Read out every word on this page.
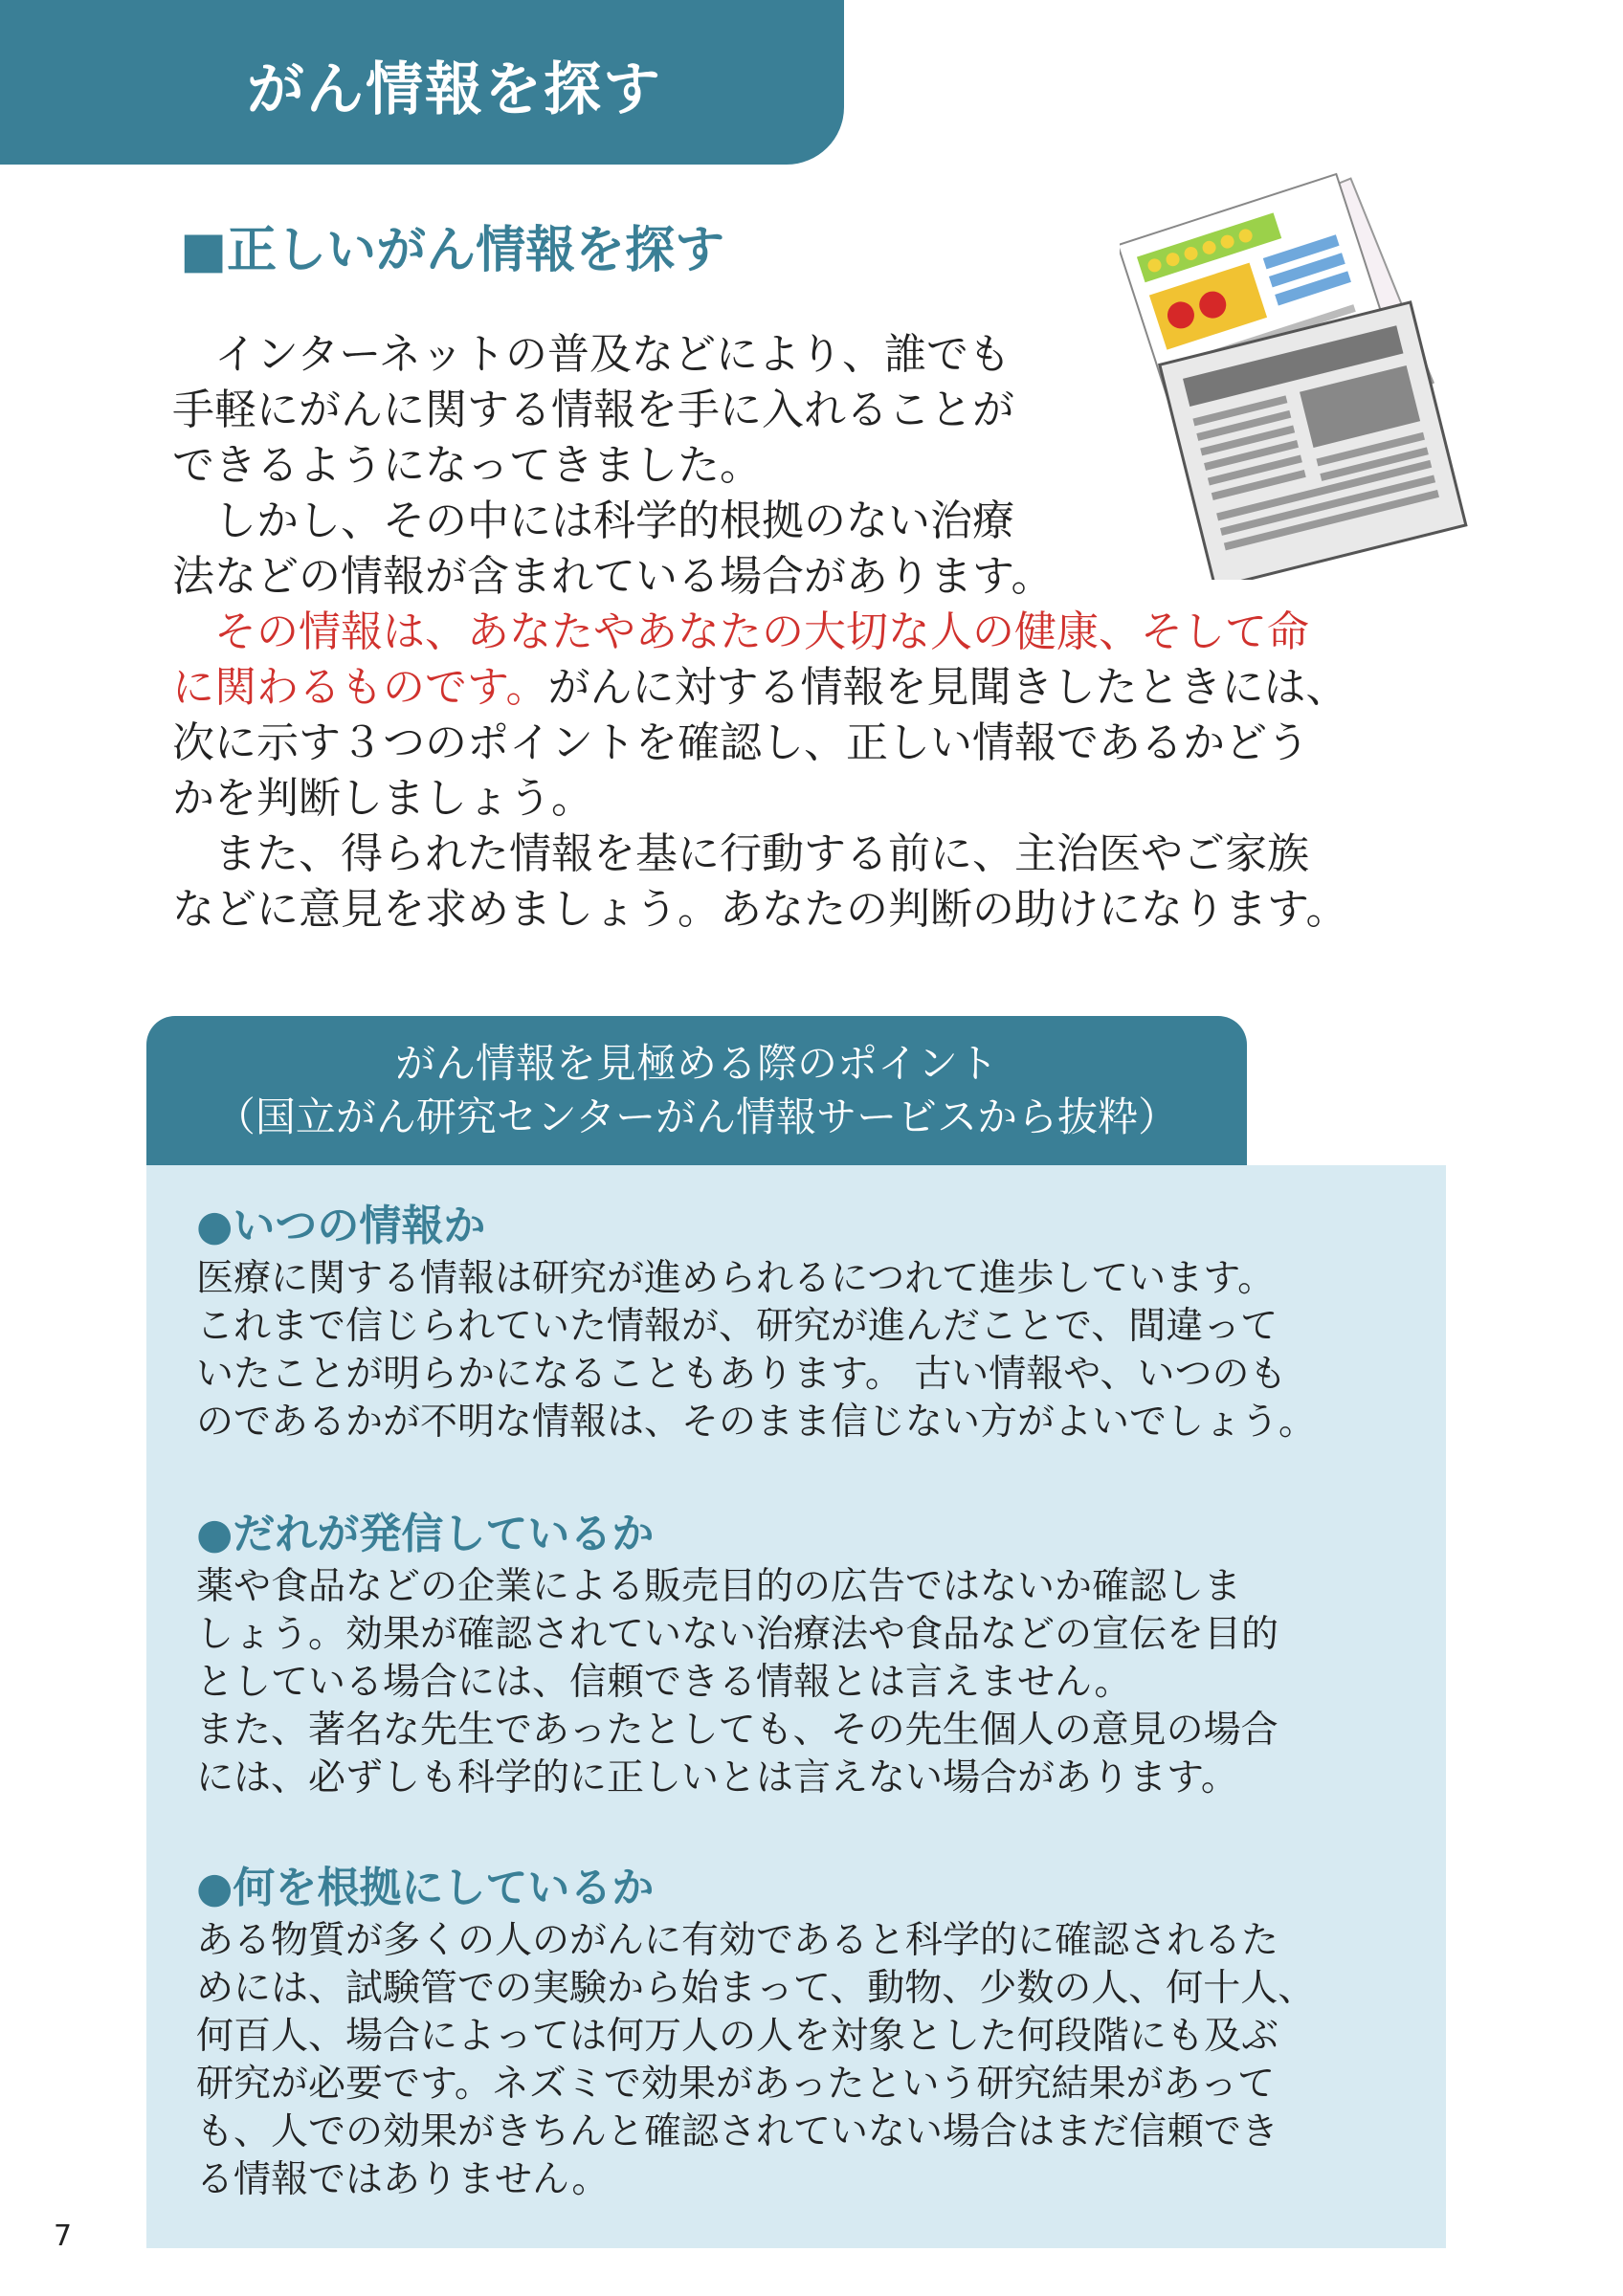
がん情報を探す
■正しいがん情報を探す

インターネットの普及などにより、誰でも

手軽にがんに関する情報を手に入れることが

できるようになってきました。

しかし、その中には科学的根拠のない治療

法などの情報が含まれている場合があります。

その情報は、あなたやあなたの大切な人の健康、そして命

に関わるものです。がんに対する情報を見聞きしたときには、

次に示す３つのポイントを確認し、正しい情報であるかどう

かを判断しましょう。

また、得られた情報を基に行動する前に、主治医やご家族

などに意見を求めましょう。あなたの判断の助けになります。

がん情報を見極める際のポイント
（国立がん研究センターがん情報サービスから抜粋）
●いつの情報か

医療に関する情報は研究が進められるにつれて進歩しています。

これまで信じられていた情報が、研究が進んだことで、間違って

いたことが明らかになることもあります。 古い情報や、いつのも

のであるかが不明な情報は、そのまま信じない方がよいでしょう。

●だれが発信しているか

薬や食品などの企業による販売目的の広告ではないか確認しま

しょう。効果が確認されていない治療法や食品などの宣伝を目的

としている場合には、信頼できる情報とは言えません。

また、著名な先生であったとしても、その先生個人の意見の場合

には、必ずしも科学的に正しいとは言えない場合があります。

●何を根拠にしているか

ある物質が多くの人のがんに有効であると科学的に確認されるた

めには、試験管での実験から始まって、動物、少数の人、何十人、

何百人、場合によっては何万人の人を対象とした何段階にも及ぶ

研究が必要です。ネズミで効果があったという研究結果があって

も、人での効果がきちんと確認されていない場合はまだ信頼でき

る情報ではありません。

7
